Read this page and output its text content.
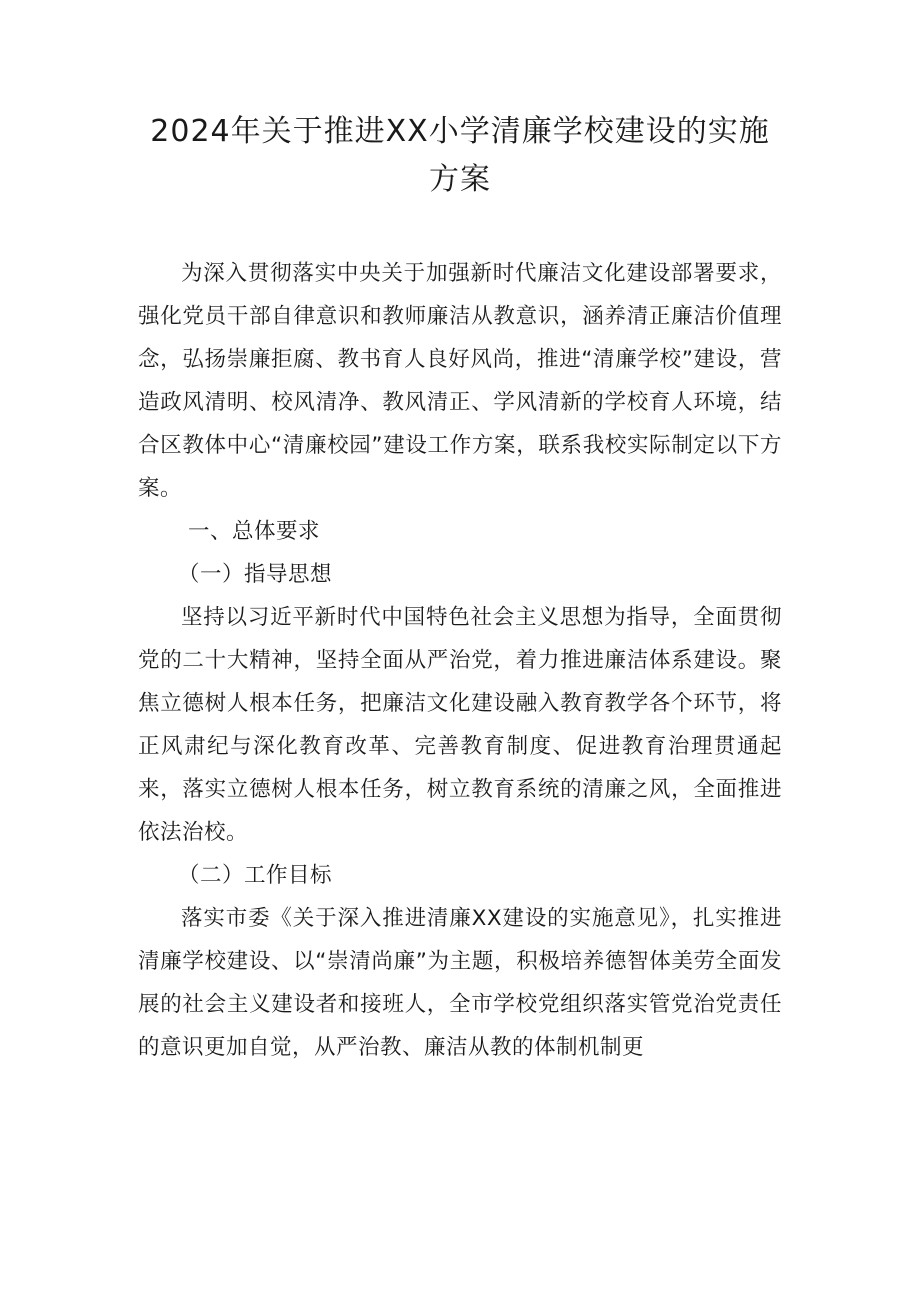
2024年关于推进XX小学清廉学校建设的实施方案

为深入贯彻落实中央关于加强新时代廉洁文化建设部署要求，强化党员干部自律意识和教师廉洁从教意识，涵养清正廉洁价值理念，弘扬崇廉拒腐、教书育人良好风尚，推进“清廉学校”建设，营造政风清明、校风清净、教风清正、学风清新的学校育人环境，结合区教体中心“清廉校园”建设工作方案，联系我校实际制定以下方案。

一、总体要求

（一）指导思想

坚持以习近平新时代中国特色社会主义思想为指导，全面贯彻党的二十大精神，坚持全面从严治党，着力推进廉洁体系建设。聚焦立德树人根本任务，把廉洁文化建设融入教育教学各个环节，将正风肃纪与深化教育改革、完善教育制度、促进教育治理贯通起来，落实立德树人根本任务，树立教育系统的清廉之风，全面推进依法治校。

（二）工作目标

落实市委《关于深入推进清廉XX建设的实施意见》，扎实推进清廉学校建设、以“崇清尚廉”为主题，积极培养德智体美劳全面发展的社会主义建设者和接班人，全市学校党组织落实管党治党责任的意识更加自觉，从严治教、廉洁从教的体制机制更
